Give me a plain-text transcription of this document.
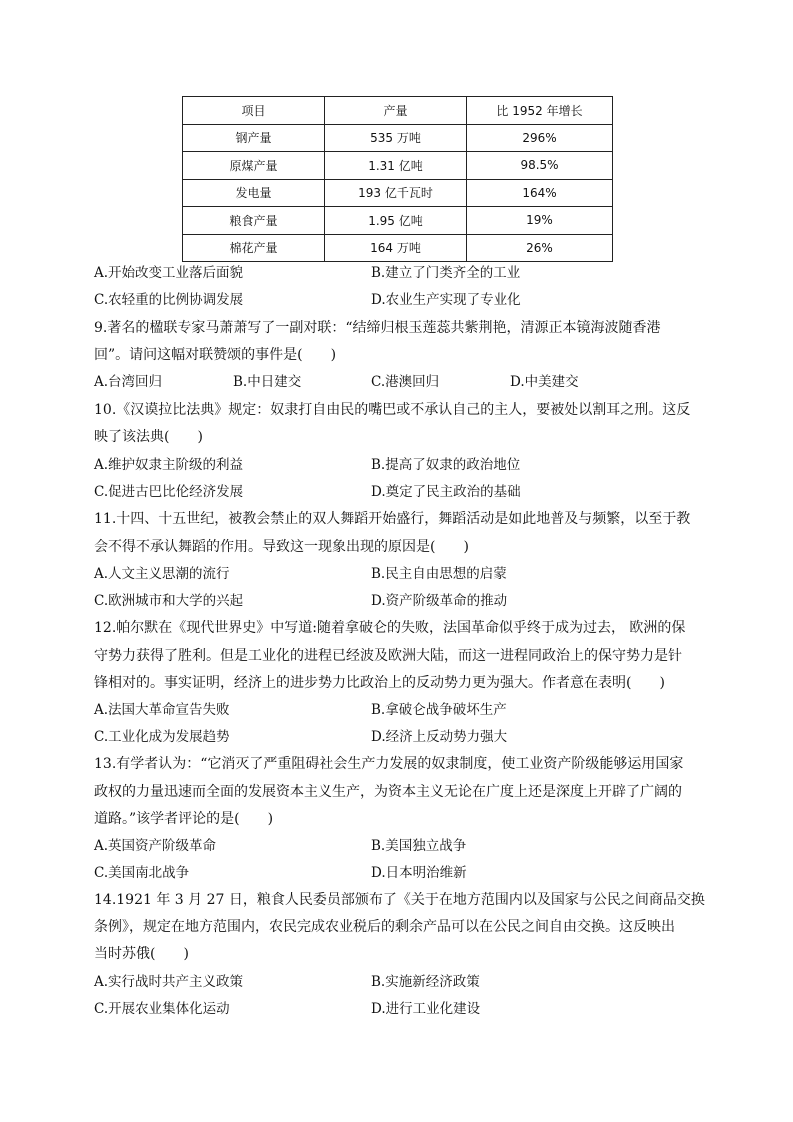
项目	产量	比 1952 年增长
钢产量	535 万吨	296%
原煤产量	1.31 亿吨	98.5%
发电量	193 亿千瓦时	164%
粮食产量	1.95 亿吨	19%
棉花产量	164 万吨	26%
A.开始改变工业落后面貌	B.建立了门类齐全的工业
C.农轻重的比例协调发展	D.农业生产实现了专业化
9.著名的楹联专家马萧萧写了一副对联：“结缔归根玉莲蕊共紫荆艳，清源正本镜海波随香港
回”。请问这幅对联赞颂的事件是(　　)
A.台湾回归	B.中日建交	C.港澳回归	D.中美建交
10.《汉谟拉比法典》规定：奴隶打自由民的嘴巴或不承认自己的主人，要被处以割耳之刑。这反
映了该法典(　　)
A.维护奴隶主阶级的利益	B.提高了奴隶的政治地位
C.促进古巴比伦经济发展	D.奠定了民主政治的基础
11.十四、十五世纪，被教会禁止的双人舞蹈开始盛行，舞蹈活动是如此地普及与频繁，以至于教
会不得不承认舞蹈的作用。导致这一现象出现的原因是(　　)
A.人文主义思潮的流行	B.民主自由思想的启蒙
C.欧洲城市和大学的兴起	D.资产阶级革命的推动
12.帕尔默在《现代世界史》中写道:随着拿破仑的失败，法国革命似乎终于成为过去， 欧洲的保
守势力获得了胜利。但是工业化的进程已经波及欧洲大陆，而这一进程同政治上的保守势力是针
锋相对的。事实证明，经济上的进步势力比政治上的反动势力更为强大。作者意在表明(　　)
A.法国大革命宣告失败	B.拿破仑战争破坏生产
C.工业化成为发展趋势	D.经济上反动势力强大
13.有学者认为：“它消灭了严重阻碍社会生产力发展的奴隶制度，使工业资产阶级能够运用国家
政权的力量迅速而全面的发展资本主义生产，为资本主义无论在广度上还是深度上开辟了广阔的
道路。”该学者评论的是(　　)
A.英国资产阶级革命	B.美国独立战争
C.美国南北战争	D.日本明治维新
14.1921 年 3 月 27 日，粮食人民委员部颁布了《关于在地方范围内以及国家与公民之间商品交换
条例》，规定在地方范围内，农民完成农业税后的剩余产品可以在公民之间自由交换。这反映出
当时苏俄(　　)
A.实行战时共产主义政策	B.实施新经济政策
C.开展农业集体化运动	D.进行工业化建设
